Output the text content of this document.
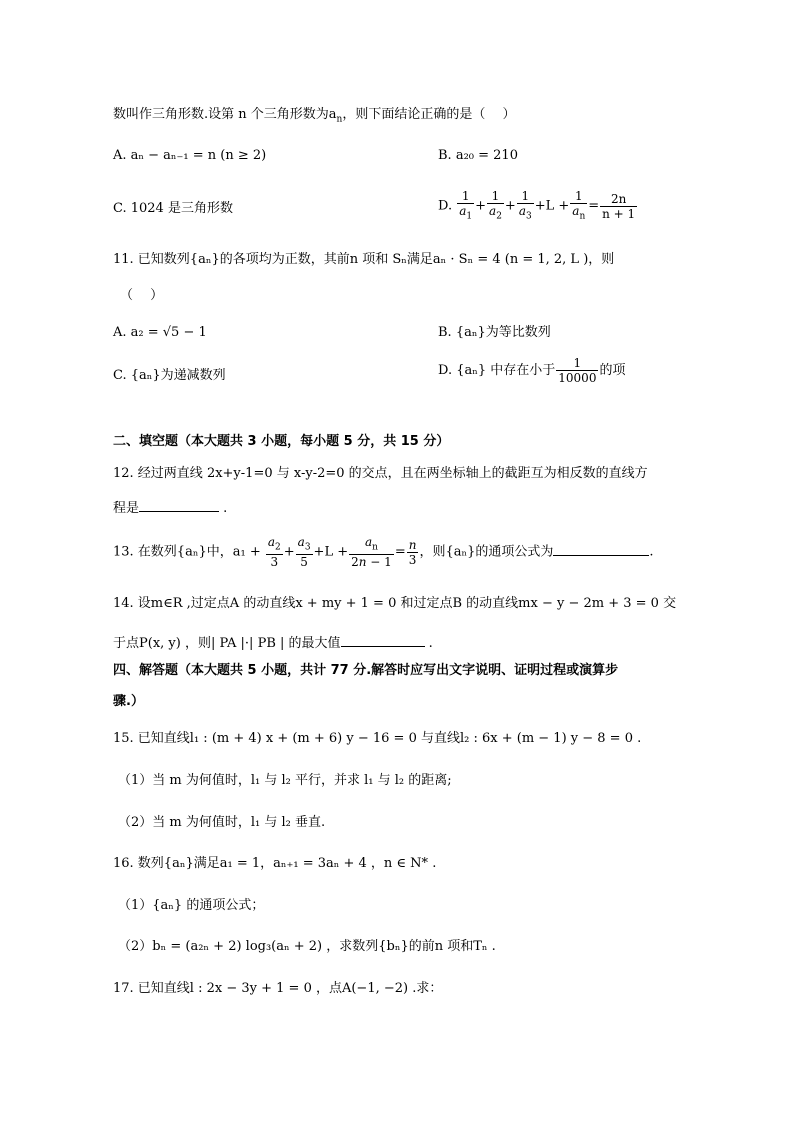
数叫作三角形数.设第 n 个三角形数为$a_n$，则下面结论正确的是（　 ）
A. aₙ − aₙ₋₁ = n (n ≥ 2)	B. a₂₀ = 210
C. 1024 是三角形数	D. $\frac{1}{a_1} + \frac{1}{a_2} + \frac{1}{a_3} +L + \frac{1}{a_n} = \frac{2n}{n + 1}$
11. 已知数列{aₙ}的各项均为正数，其前n 项和 Sₙ满足aₙ · Sₙ = 4 (n = 1, 2, L )，则
（　 ）
A. a₂ = √5 − 1	B. {aₙ}为等比数列
C. {aₙ}为递减数列	D. {aₙ} 中存在小于 $\frac{1}{10000}$ 的项
二、填空题（本大题共 3 小题，每小题 5 分，共 15 分）
12. 经过两直线 2x+y-1=0 与 x-y-2=0 的交点，且在两坐标轴上的截距互为相反数的直线方
程是	.
13. 在数列{aₙ}中，$a_1 + \frac{a_2}{3} + \frac{a_3}{5} +L + \frac{a_n}{2n - 1} = \frac{n}{3}$ ，则{aₙ}的通项公式为	.
14. 设m∈R ,过定点A 的动直线x + my + 1 = 0 和过定点B 的动直线mx − y − 2m + 3 = 0 交
于点P(x, y) ，则| PA |·| PB | 的最大值	.
四、解答题（本大题共 5 小题，共计 77 分.解答时应写出文字说明、证明过程或演算步
骤.）
15. 已知直线l₁ : (m + 4) x + (m + 6) y − 16 = 0 与直线l₂ : 6x + (m − 1) y − 8 = 0 .
（1）当 m 为何值时，l₁ 与 l₂ 平行，并求 l₁ 与 l₂ 的距离;
（2）当 m 为何值时，l₁ 与 l₂ 垂直.
16. 数列{aₙ}满足a₁ = 1，aₙ₊₁ = 3aₙ + 4 ，n ∈ N* .
（1）{aₙ} 的通项公式；
（2）bₙ = (a₂ₙ + 2) log₃(aₙ + 2) ，求数列{bₙ}的前n 项和Tₙ .
17. 已知直线l : 2x − 3y + 1 = 0 ，点A(−1, −2) .求：
